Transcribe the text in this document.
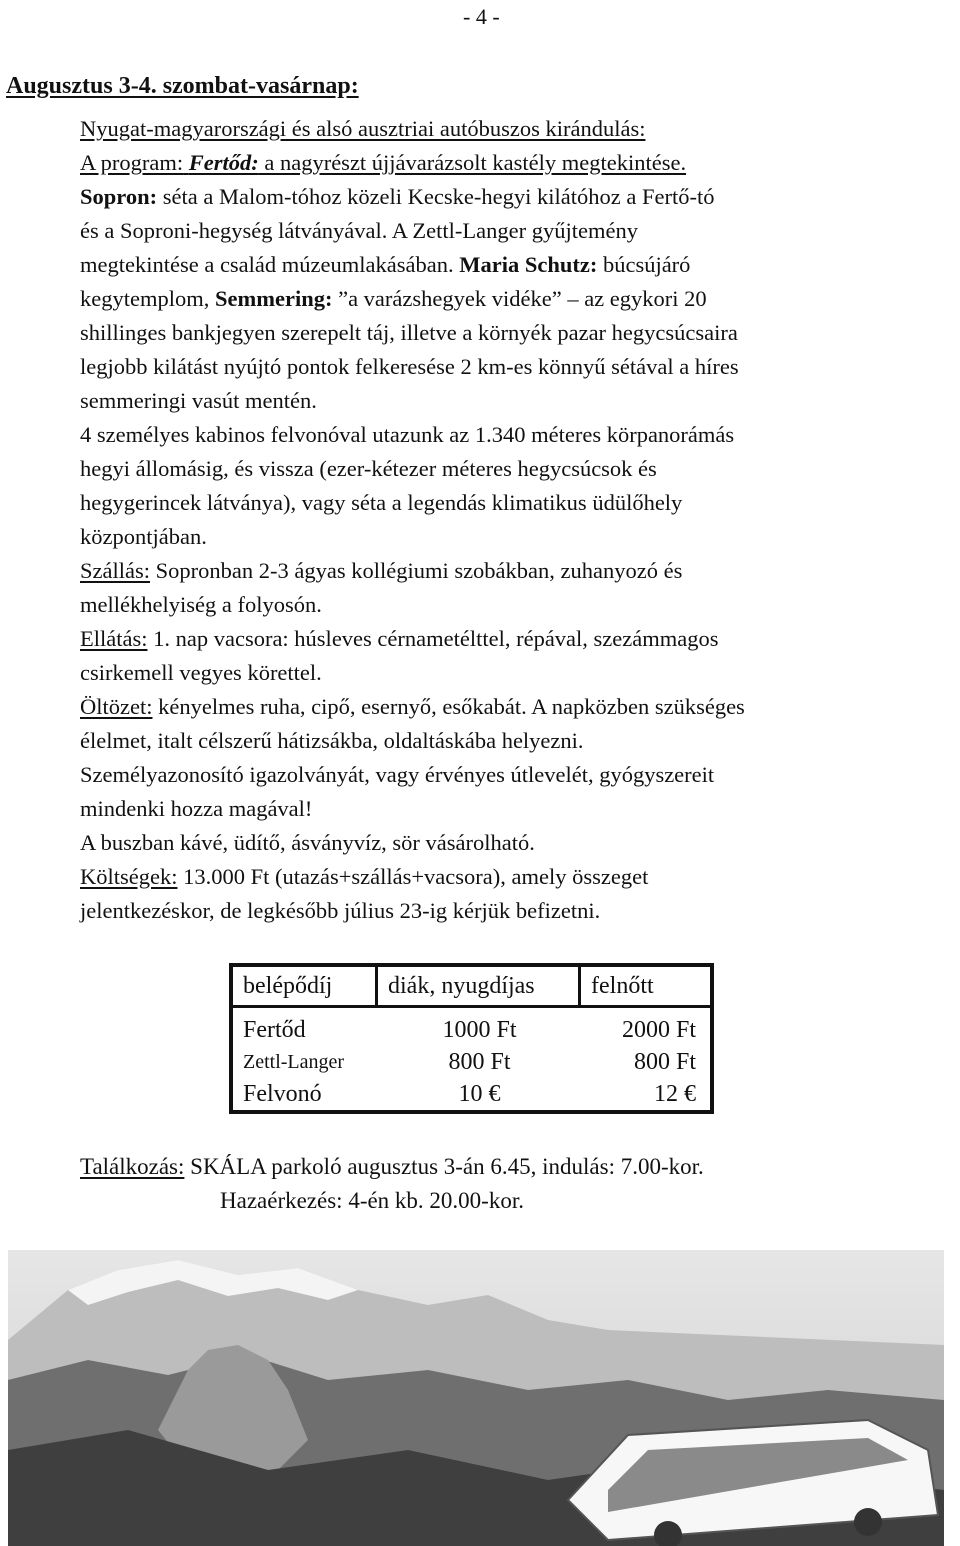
- 4 -
Augusztus 3-4. szombat-vasárnap:
Nyugat-magyarországi és alsó ausztriai autóbuszos kirándulás:
A program: Fertőd: a nagyrészt újjávarázsolt kastély megtekintése.
Sopron: séta a Malom-tóhoz közeli Kecske-hegyi kilátóhoz a Fertő-tó
és a Soproni-hegység látványával. A Zettl-Langer gyűjtemény
megtekintése a család múzeumlakásában. Maria Schutz: búcsújáró
kegytemplom, Semmering: ”a varázshegyek vidéke” – az egykori 20
shillinges bankjegyen szerepelt táj, illetve a környék pazar hegycsúcsaira
legjobb kilátást nyújtó pontok felkeresése 2 km-es könnyű sétával a híres
semmeringi vasút mentén.
4 személyes kabinos felvonóval utazunk az 1.340 méteres körpanorámás
hegyi állomásig, és vissza (ezer-kétezer méteres hegycsúcsok és
hegygerincek látványa), vagy séta a legendás klimatikus üdülőhely
központjában.
Szállás: Sopronban 2-3 ágyas kollégiumi szobákban, zuhanyozó és
mellékhelyiség a folyosón.
Ellátás: 1. nap vacsora: húsleves cérnametélttel, répával, szezámmagos
csirkemell vegyes körettel.
Öltözet: kényelmes ruha, cipő, esernyő, esőkabát. A napközben szükséges
élelmet, italt célszerű hátizsákba, oldaltáskába helyezni.
Személyazonosító igazolványát, vagy érvényes útlevelét, gyógyszereit
mindenki hozza magával!
A buszban kávé, üdítő, ásványvíz, sör vásárolható.
Költségek: 13.000 Ft (utazás+szállás+vacsora), amely összeget
jelentkezéskor, de legkésőbb július 23-ig kérjük befizetni.
belépődíj	diák, nyugdíjas	felnőtt
Fertőd	1000 Ft	2000 Ft
Zettl-Langer	800 Ft	800 Ft
Felvonó	10 €	12 €
Találkozás: SKÁLA parkoló augusztus 3-án 6.45, indulás: 7.00-kor.
Hazaérkezés: 4-én kb. 20.00-kor.
